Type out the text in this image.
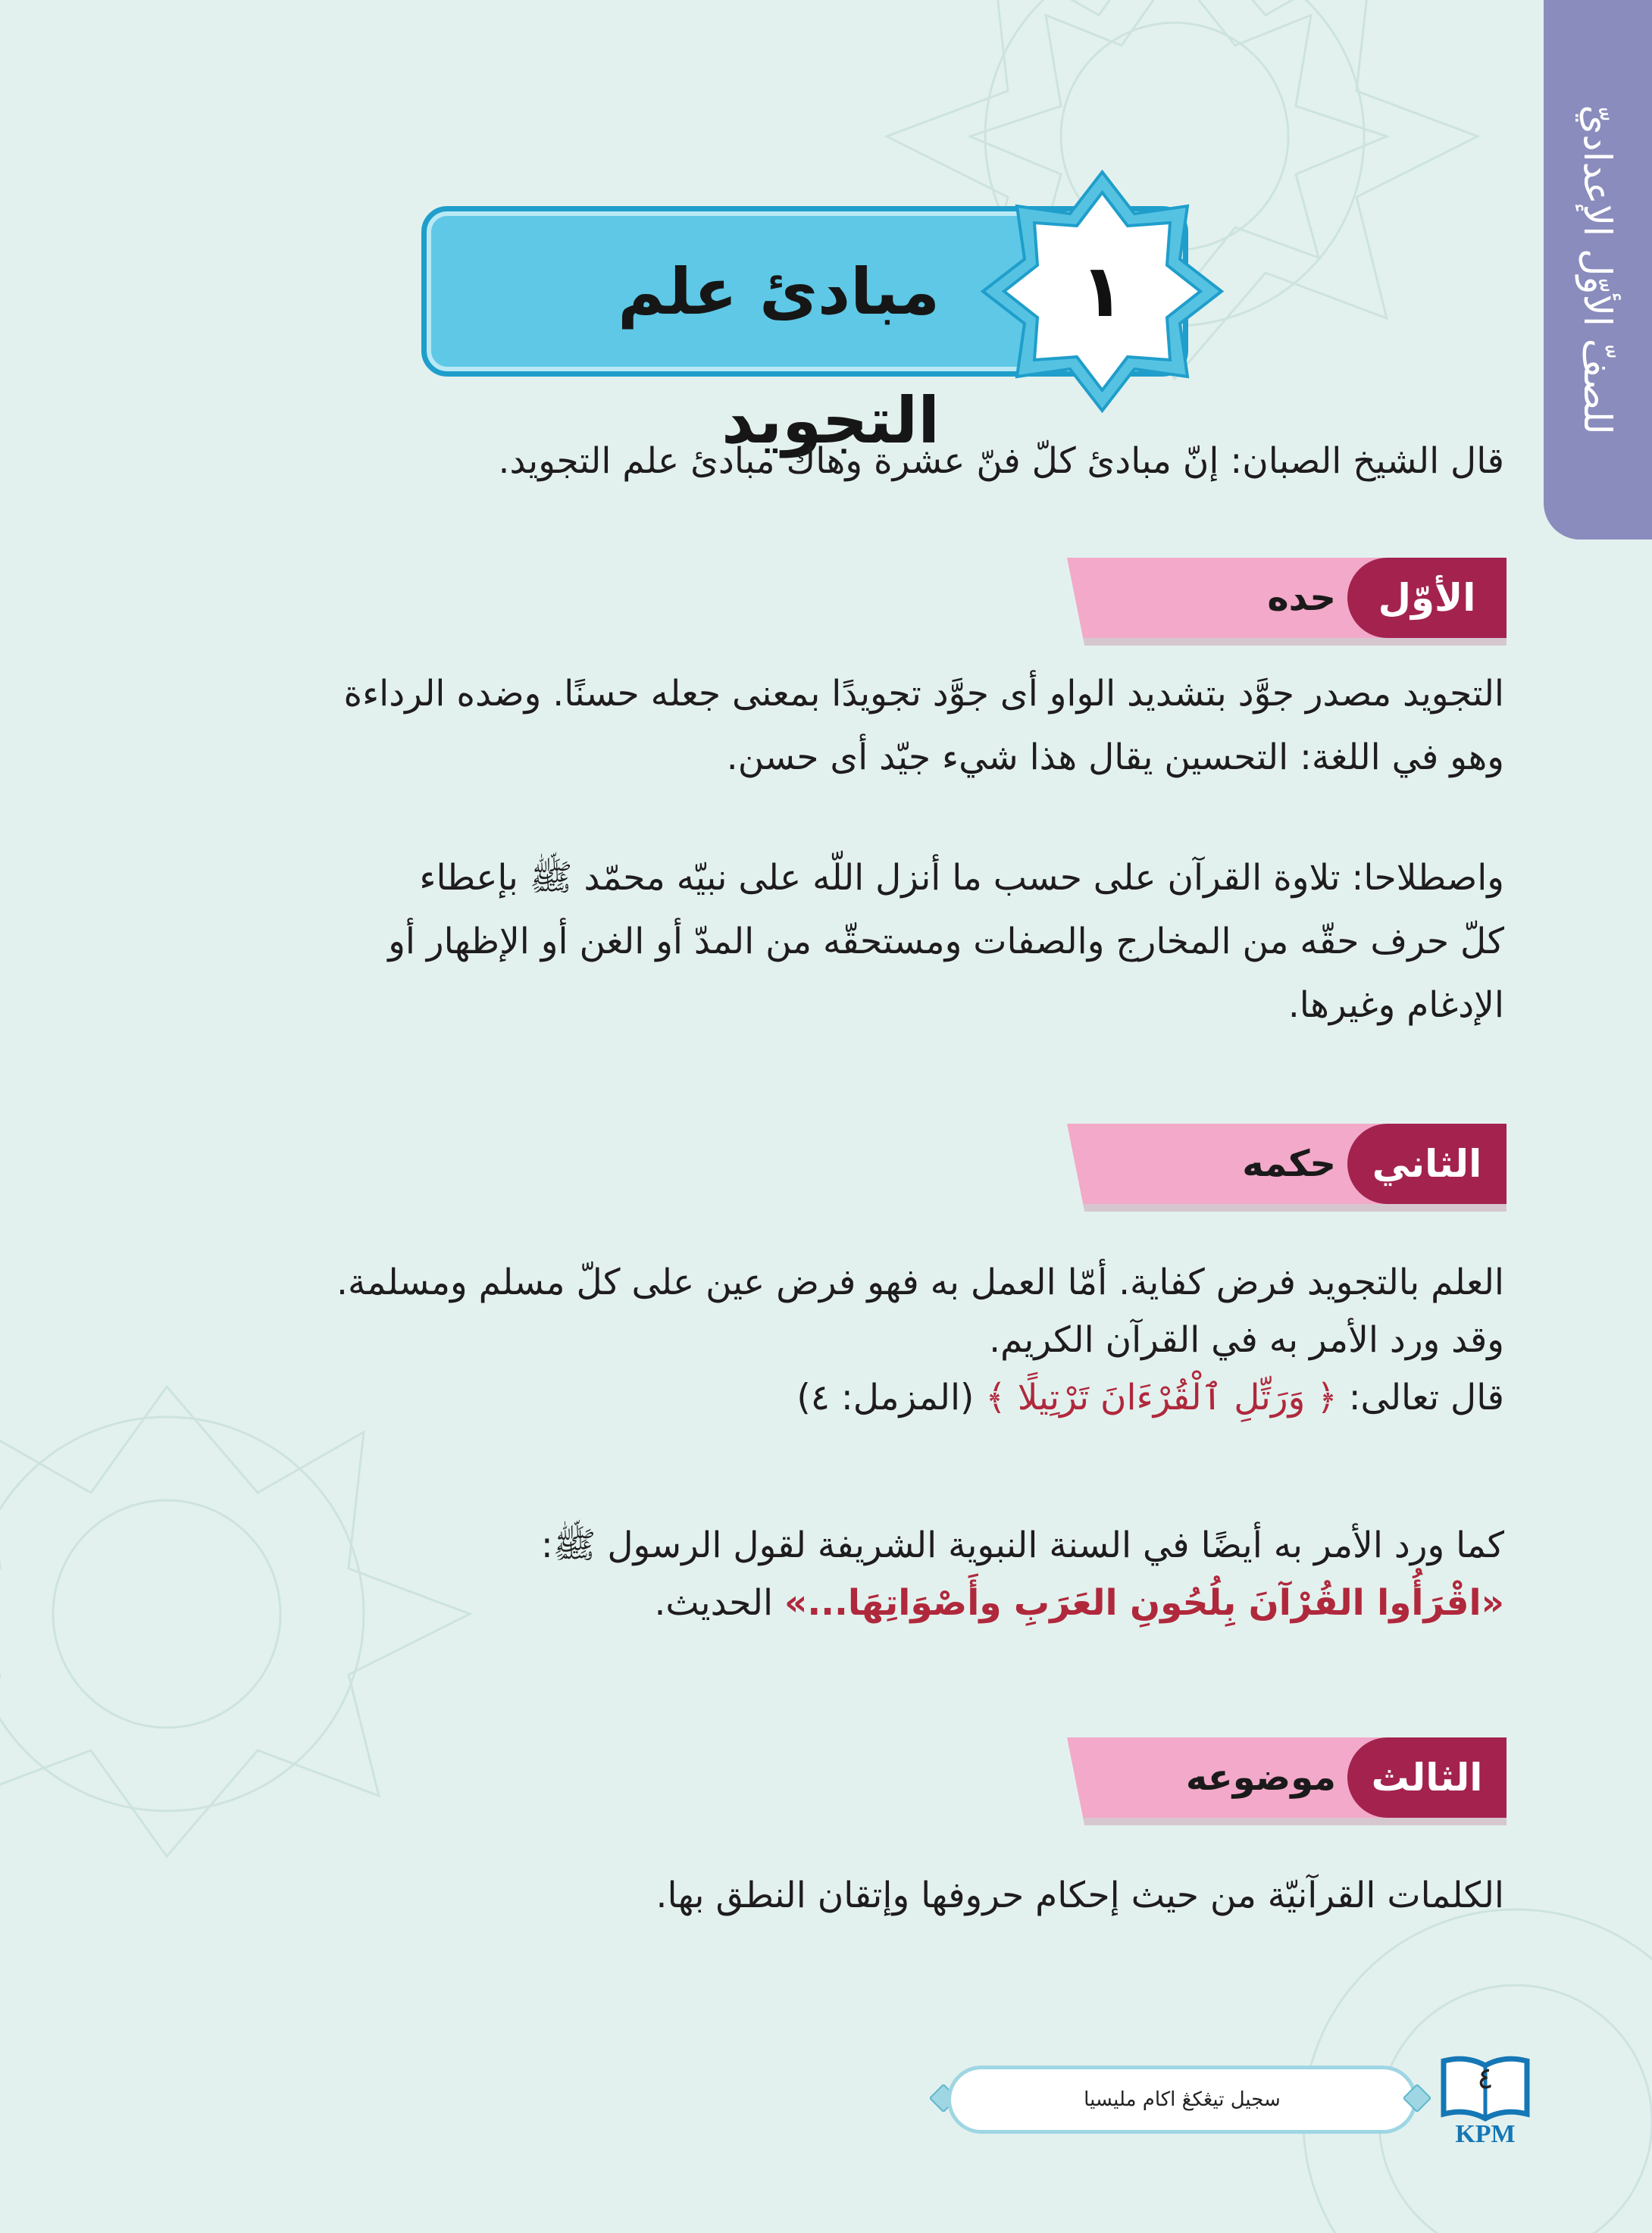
للصفّ الأوّل الإعداديّ
مبادئ علم التجويد
١
قال الشيخ الصبان: إنّ مبادئ كلّ فنّ عشرة وهاك مبادئ علم التجويد.
الأوّل
حده
التجويد مصدر جوَّد بتشديد الواو أى جوَّد تجويدًا بمعنى جعله حسنًا. وضده الرداءة
وهو في اللغة: التحسين يقال هذا شيء جيّد أى حسن.
واصطلاحا: تلاوة القرآن على حسب ما أنزل اللّه على نبيّه محمّد ﷺ بإعطاء
كلّ حرف حقّه من المخارج والصفات ومستحقّه من المدّ أو الغن أو الإظهار أو
الإدغام وغيرها.
الثاني
حكمه
العلم بالتجويد فرض كفاية. أمّا العمل به فهو فرض عين على كلّ مسلم ومسلمة.
وقد ورد الأمر به في القرآن الكريم.
قال تعالى: ﴿ وَرَتِّلِ ٱلْقُرْءَانَ تَرْتِيلًا ﴾ (المزمل: ٤)
كما ورد الأمر به أيضًا في السنة النبوية الشريفة لقول الرسول ﷺ:
«اقْرَأُوا القُرْآنَ بِلُحُونِ العَرَبِ وأَصْوَاتِهَا...» الحديث.
الثالث
موضوعه
الكلمات القرآنيّة من حيث إحكام حروفها وإتقان النطق بها.
سجيل تيڠكڠ اكام مليسيا
٤
KPM
